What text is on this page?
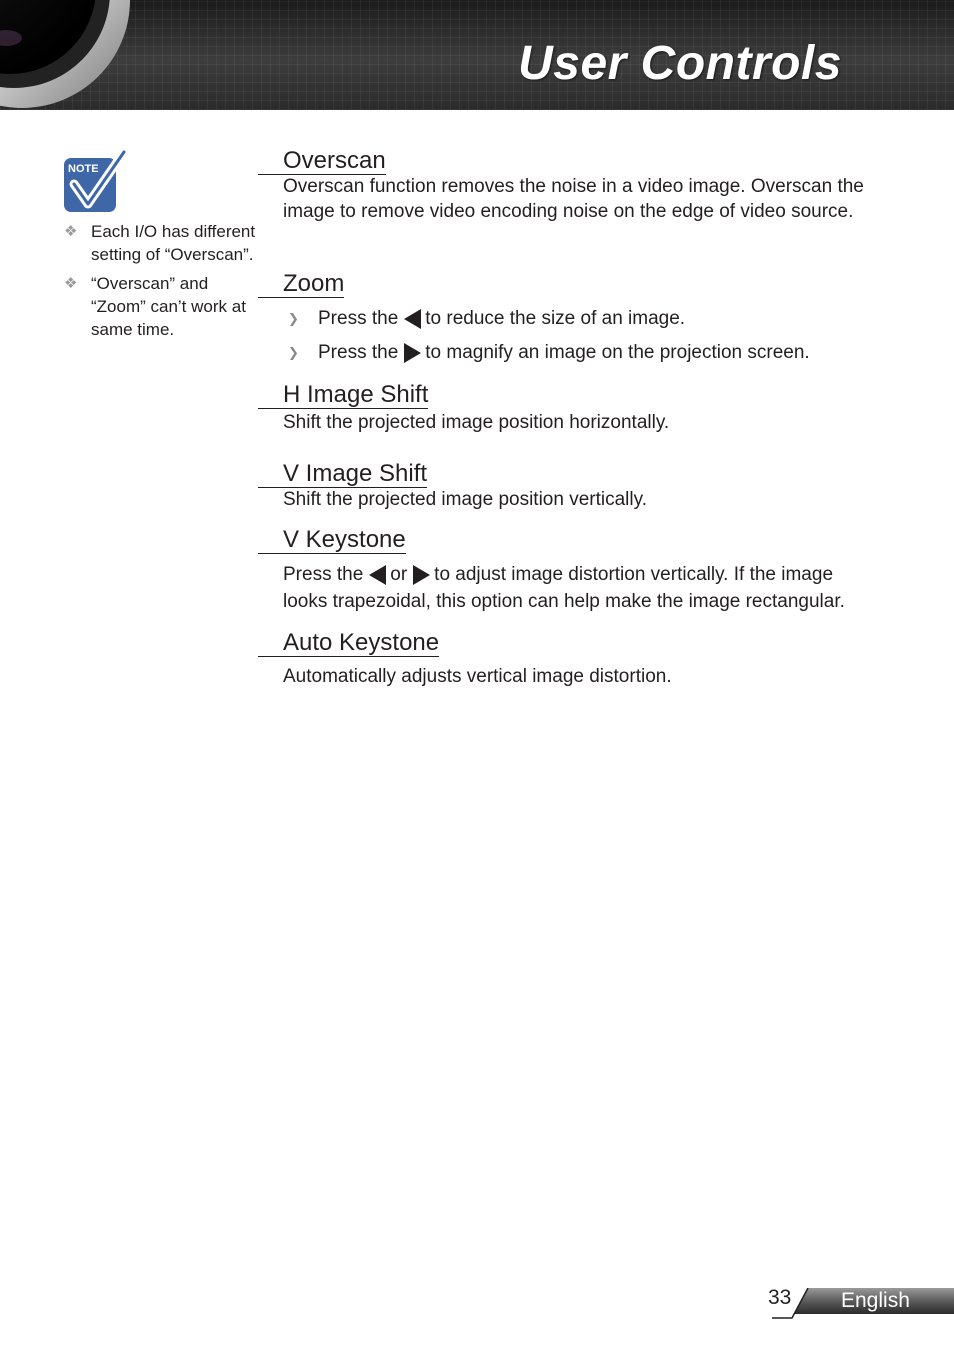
User Controls
NOTE
❖ Each I/O has different setting of “Overscan”.
❖ “Overscan” and “Zoom” can’t work at same time.
Overscan
Overscan function removes the noise in a video image. Overscan the image to remove video encoding noise on the edge of video source.
Zoom
❯	Press the to reduce the size of an image.
❯	Press the to magnify an image on the projection screen.
H Image Shift
Shift the projected image position horizontally.
V Image Shift
Shift the projected image position vertically.
V Keystone
Press the or to adjust image distortion vertically. If the image
looks trapezoidal, this option can help make the image rectangular.
Auto Keystone
Automatically adjusts vertical image distortion.
33 English
